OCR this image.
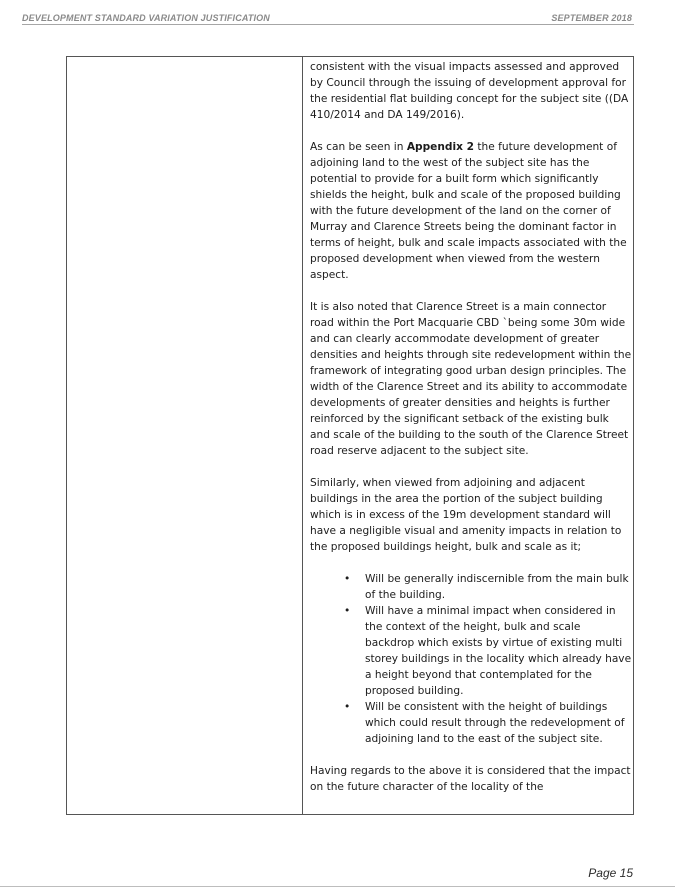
DEVELOPMENT STANDARD VARIATION JUSTIFICATION	SEPTEMBER 2018

consistent with the visual impacts assessed and approved by Council through the issuing of development approval for the residential flat building concept for the subject site ((DA 410/2014 and DA 149/2016).

As can be seen in Appendix 2 the future development of adjoining land to the west of the subject site has the potential to provide for a built form which significantly shields the height, bulk and scale of the proposed building with the future development of the land on the corner of Murray and Clarence Streets being the dominant factor in terms of height, bulk and scale impacts associated with the proposed development when viewed from the western aspect.

It is also noted that Clarence Street is a main connector road within the Port Macquarie CBD `being some 30m wide and can clearly accommodate development of greater densities and heights through site redevelopment within the framework of integrating good urban design principles. The width of the Clarence Street and its ability to accommodate developments of greater densities and heights is further reinforced by the significant setback of the existing bulk and scale of the building to the south of the Clarence Street road reserve adjacent to the subject site.

Similarly, when viewed from adjoining and adjacent buildings in the area the portion of the subject building which is in excess of the 19m development standard will have a negligible visual and amenity impacts in relation to the proposed buildings height, bulk and scale as it;

• Will be generally indiscernible from the main bulk of the building.
• Will have a minimal impact when considered in the context of the height, bulk and scale backdrop which exists by virtue of existing multi storey buildings in the locality which already have a height beyond that contemplated for the proposed building.
• Will be consistent with the height of buildings which could result through the redevelopment of adjoining land to the east of the subject site.

Having regards to the above it is considered that the impact on the future character of the locality of the

Page 15
